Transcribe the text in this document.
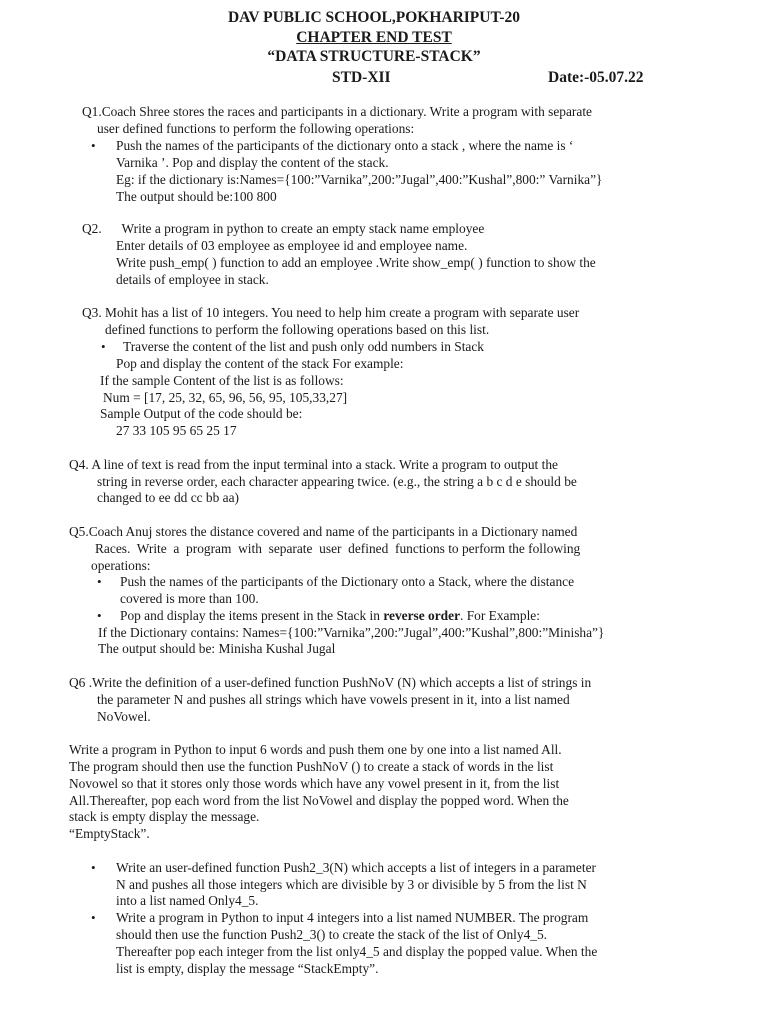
DAV PUBLIC SCHOOL,POKHARIPUT-20
CHAPTER END TEST
“DATA STRUCTURE-STACK”
STD-XII	Date:-05.07.22
Q1.Coach Shree stores the races and participants in a dictionary. Write a program with separate
user defined functions to perform the following operations:
• Push the names of the participants of the dictionary onto a stack , where the name is ‘
Varnika ’. Pop and display the content of the stack.
Eg: if the dictionary is:Names={100:”Varnika”,200:”Jugal”,400:”Kushal”,800:” Varnika”}
The output should be:100 800
Q2.      Write a program in python to create an empty stack name employee
Enter details of 03 employee as employee id and employee name.
Write push_emp( ) function to add an employee .Write show_emp( ) function to show the
details of employee in stack.
Q3. Mohit has a list of 10 integers. You need to help him create a program with separate user
defined functions to perform the following operations based on this list.
• Traverse the content of the list and push only odd numbers in Stack
Pop and display the content of the stack For example:
If the sample Content of the list is as follows:
Num = [17, 25, 32, 65, 96, 56, 95, 105,33,27]
Sample Output of the code should be:
27 33 105 95 65 25 17
Q4. A line of text is read from the input terminal into a stack. Write a program to output the
string in reverse order, each character appearing twice. (e.g., the string a b c d e should be
changed to ee dd cc bb aa)
Q5.Coach Anuj stores the distance covered and name of the participants in a Dictionary named
Races.  Write  a  program  with  separate  user  defined  functions to perform the following
operations:
• Push the names of the participants of the Dictionary onto a Stack, where the distance
covered is more than 100.
• Pop and display the items present in the Stack in reverse order. For Example:
If the Dictionary contains: Names={100:”Varnika”,200:”Jugal”,400:”Kushal”,800:”Minisha”}
The output should be: Minisha Kushal Jugal
Q6 .Write the definition of a user-defined function PushNoV (N) which accepts a list of strings in
the parameter N and pushes all strings which have vowels present in it, into a list named
NoVowel.
Write a program in Python to input 6 words and push them one by one into a list named All.
The program should then use the function PushNoV () to create a stack of words in the list
Novowel so that it stores only those words which have any vowel present in it, from the list
All.Thereafter, pop each word from the list NoVowel and display the popped word. When the
stack is empty display the message.
“EmptyStack”.
• Write an user-defined function Push2_3(N) which accepts a list of integers in a parameter
N and pushes all those integers which are divisible by 3 or divisible by 5 from the list N
into a list named Only4_5.
• Write a program in Python to input 4 integers into a list named NUMBER. The program
should then use the function Push2_3() to create the stack of the list of Only4_5.
Thereafter pop each integer from the list only4_5 and display the popped value. When the
list is empty, display the message “StackEmpty”.
